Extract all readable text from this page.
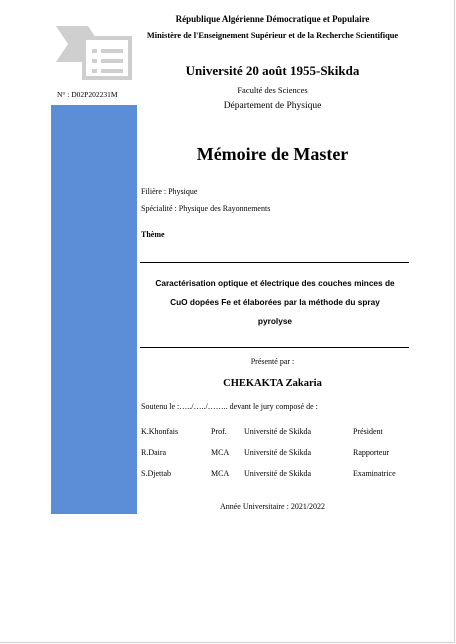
République Algérienne Démocratique et Populaire
Ministère de l'Enseignement Supérieur et de la Recherche Scientifique
Université 20 août 1955-Skikda
Faculté des Sciences
Département de Physique
N° : D02P202231M
Mémoire de Master
Filière : Physique
Spécialité : Physique des Rayonnements
Thème
Caractérisation optique et électrique des couches minces de
CuO dopées Fe et élaborées par la méthode du spray
pyrolyse
Présenté par :
CHEKAKTA Zakaria
Soutenu le :…../…../…….. devant le jury composé de :
K.Khonfais	Prof.	Université de Skikda	Président
R.Daira	MCA	Université de Skikda	Rapporteur
S.Djettab	MCA	Université de Skikda	Examinatrice
Année Universitaire : 2021/2022
